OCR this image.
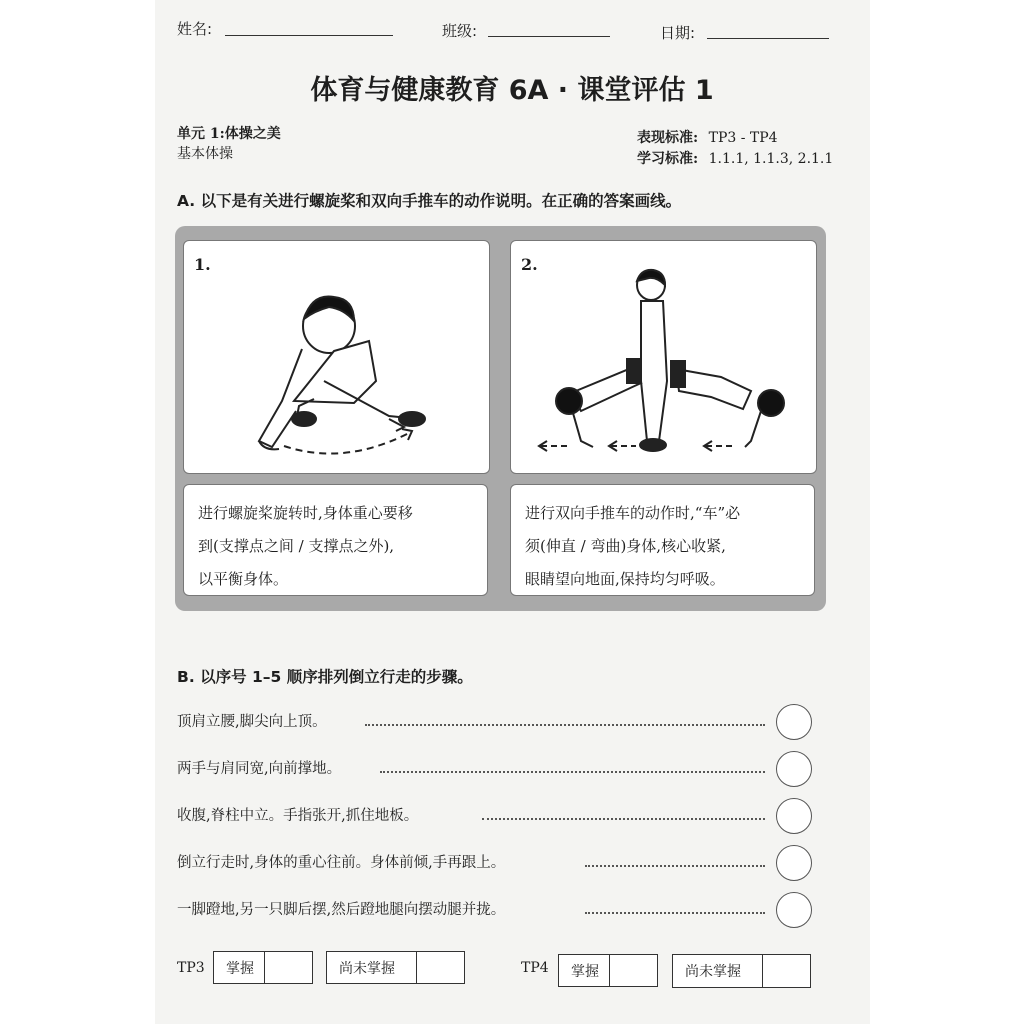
姓名:	班级:	日期:
体育与健康教育 6A · 课堂评估 1
单元 1:体操之美
基本体操
表现标准: TP3 - TP4
学习标准: 1.1.1, 1.1.3, 2.1.1
A. 以下是有关进行螺旋桨和双向手推车的动作说明。在正确的答案画线。
1.	2.
进行螺旋桨旋转时,身体重心要移
到(支撑点之间 / 支撑点之外),
以平衡身体。
进行双向手推车的动作时,“车”必
须(伸直 / 弯曲)身体,核心收紧,
眼睛望向地面,保持均匀呼吸。
B. 以序号 1–5 顺序排列倒立行走的步骤。
顶肩立腰,脚尖向上顶。
两手与肩同宽,向前撑地。
收腹,脊柱中立。手指张开,抓住地板。
倒立行走时,身体的重心往前。身体前倾,手再跟上。
一脚蹬地,另一只脚后摆,然后蹬地腿向摆动腿并拢。
TP3	掌握	尚未掌握	TP4	掌握	尚未掌握
